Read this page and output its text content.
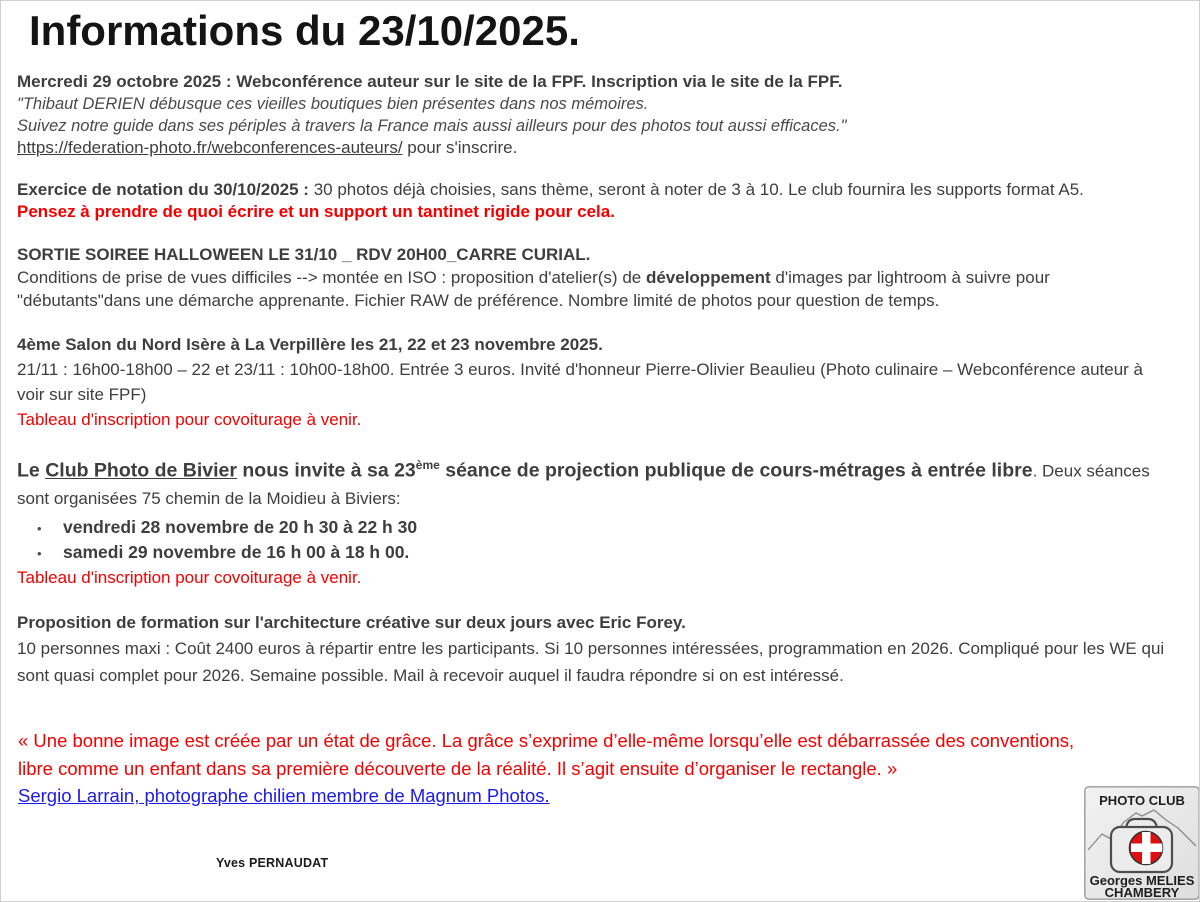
Informations du 23/10/2025.

Mercredi 29 octobre 2025 : Webconférence auteur sur le site de la FPF. Inscription via le site de la FPF.

"Thibaut DERIEN débusque ces vieilles boutiques bien présentes dans nos mémoires.

Suivez notre guide dans ses périples à travers la France mais aussi ailleurs pour des photos tout aussi efficaces."

https://federation-photo.fr/webconferences-auteurs/ pour s'inscrire.

Exercice de notation du 30/10/2025 : 30 photos déjà choisies, sans thème, seront à noter de 3 à 10. Le club fournira les supports format A5.

Pensez à prendre de quoi écrire et un support un tantinet rigide pour cela.

SORTIE SOIREE HALLOWEEN LE 31/10 _ RDV 20H00_CARRE CURIAL.

Conditions de prise de vues difficiles --> montée en ISO : proposition d'atelier(s) de développement d'images par lightroom à suivre pour "débutants"dans une démarche apprenante. Fichier RAW de préférence. Nombre limité de photos pour question de temps.

4ème Salon du Nord Isère à La Verpillère les 21, 22 et 23 novembre 2025.

21/11 : 16h00-18h00 – 22 et 23/11 : 10h00-18h00. Entrée 3 euros. Invité d'honneur Pierre-Olivier Beaulieu (Photo culinaire – Webconférence auteur à voir sur site FPF)

Tableau d'inscription pour covoiturage à venir.

Le Club Photo de Bivier nous invite à sa 23ème séance de projection publique de cours-métrages à entrée libre. Deux séances sont organisées 75 chemin de la Moidieu à Biviers:

• vendredi 28 novembre de 20 h 30 à 22 h 30
• samedi 29 novembre de 16 h 00 à 18 h 00.

Tableau d'inscription pour covoiturage à venir.

Proposition de formation sur l'architecture créative sur deux jours avec Eric Forey.

10 personnes maxi : Coût 2400 euros à répartir entre les participants. Si 10 personnes intéressées, programmation en 2026. Compliqué pour les WE qui sont quasi complet pour 2026. Semaine possible. Mail à recevoir auquel il faudra répondre si on est intéressé.

« Une bonne image est créée par un état de grâce. La grâce s’exprime d’elle-même lorsqu’elle est débarrassée des conventions, libre comme un enfant dans sa première découverte de la réalité. Il s’agit ensuite d’organiser le rectangle. »
Sergio Larrain, photographe chilien membre de Magnum Photos.
Yves PERNAUDAT
PHOTO CLUB
Georges MELIES
CHAMBERY
